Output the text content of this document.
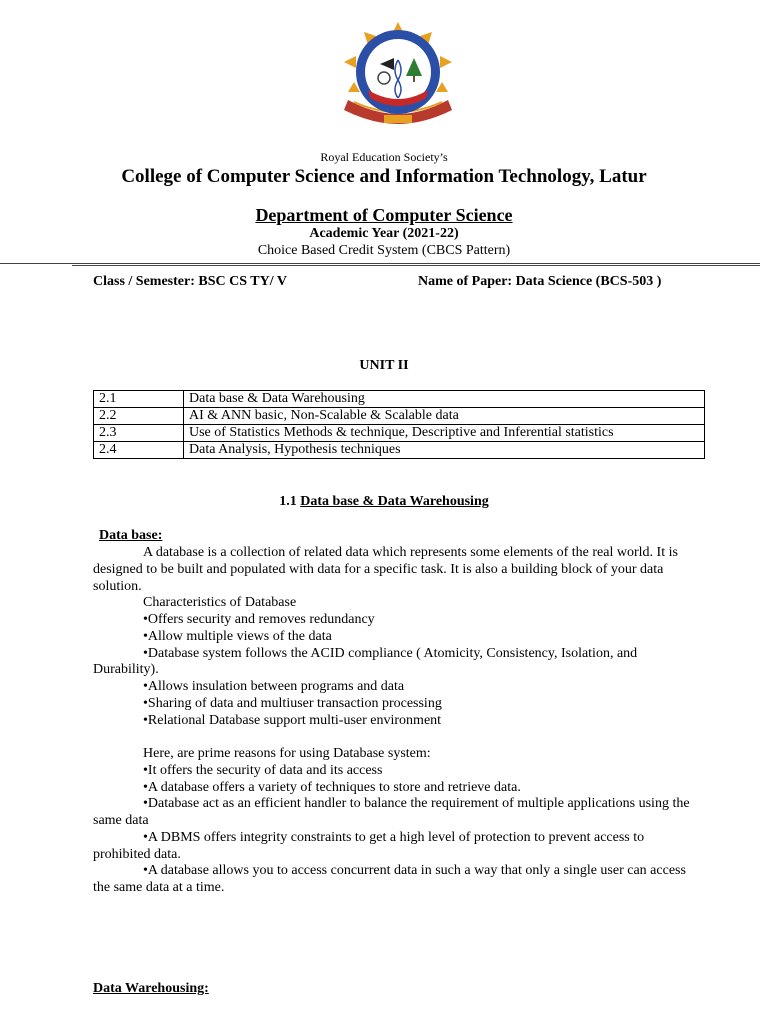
Royal Education Society’s
College of Computer Science and Information Technology, Latur
Department of Computer Science
Academic Year (2021-22)
Choice Based Credit System (CBCS Pattern)
Class / Semester: BSC CS TY/ V	Name of Paper: Data Science (BCS-503 )
UNIT II
2.1	Data base & Data Warehousing
2.2	AI & ANN basic, Non-Scalable & Scalable data
2.3	Use of Statistics Methods & technique, Descriptive and Inferential statistics
2.4	Data Analysis, Hypothesis techniques
1.1 Data base & Data Warehousing
Data base:

A database is a collection of related data which represents some elements of the real world. It is designed to be built and populated with data for a specific task. It is also a building block of your data solution.

Characteristics of Database

•Offers security and removes redundancy

•Allow multiple views of the data

•Database system follows the ACID compliance ( Atomicity, Consistency, Isolation, and Durability).

•Allows insulation between programs and data

•Sharing of data and multiuser transaction processing

•Relational Database support multi-user environment

Here, are prime reasons for using Database system:

•It offers the security of data and its access

•A database offers a variety of techniques to store and retrieve data.

•Database act as an efficient handler to balance the requirement of multiple applications using the same data

•A DBMS offers integrity constraints to get a high level of protection to prevent access to prohibited data.

•A database allows you to access concurrent data in such a way that only a single user can access the same data at a time.

Data Warehousing:
